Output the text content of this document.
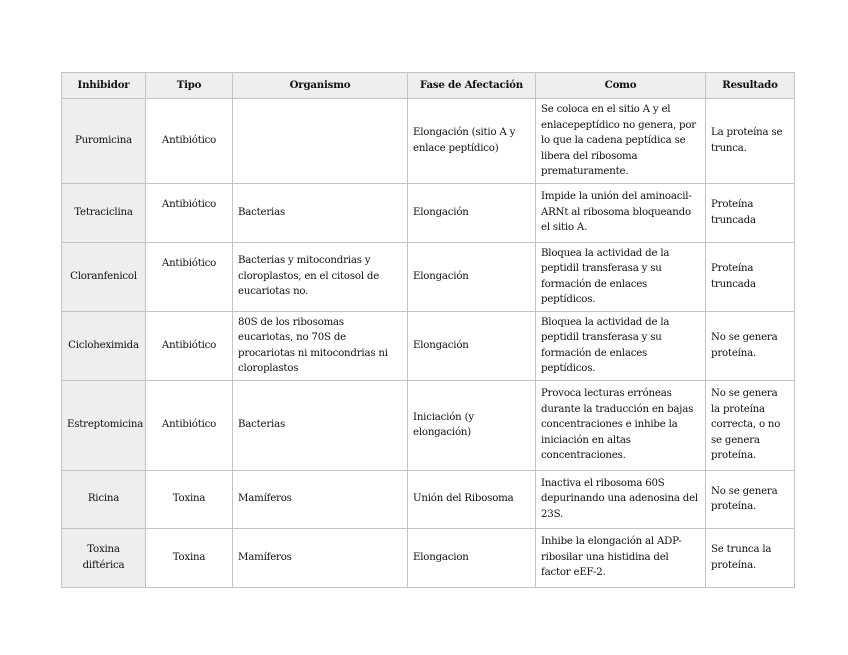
Inhibidor	Tipo	Organismo	Fase de Afectación	Como	Resultado
Puromicina	Antibiótico		Elongación (sitio A y enlace peptídico)	Se coloca en el sitio A y el enlacepeptídico no genera, por lo que la cadena peptídica se libera del ribosoma prematuramente.	La proteína se trunca.
Tetraciclina	Antibiótico	Bacterias	Elongación	Impide la unión del aminoacil-ARNt al ribosoma bloqueando el sitio A.	Proteína truncada
Cloranfenicol	Antibiótico	Bacterias y mitocondrias y cloroplastos, en el citosol de eucariotas no.	Elongación	Bloquea la actividad de la peptidil transferasa y su formación de enlaces peptídicos.	Proteína truncada
Cicloheximida	Antibiótico	80S de los ribosomas eucariotas, no 70S de procariotas ni mitocondrias ni cloroplastos	Elongación	Bloquea la actividad de la peptidil transferasa y su formación de enlaces peptídicos.	No se genera proteína.
Estreptomicina	Antibiótico	Bacterias	Iniciación (y elongación)	Provoca lecturas erróneas durante la traducción en bajas concentraciones e inhibe la iniciación en altas concentraciones.	No se genera la proteína correcta, o no se genera proteína.
Ricina	Toxina	Mamíferos	Unión del Ribosoma	Inactiva el ribosoma 60S depurinando una adenosina del 23S.	No se genera proteína.
Toxina diftérica	Toxina	Mamíferos	Elongacion	Inhibe la elongación al ADP-ribosilar una histidina del factor eEF-2.	Se trunca la proteína.
